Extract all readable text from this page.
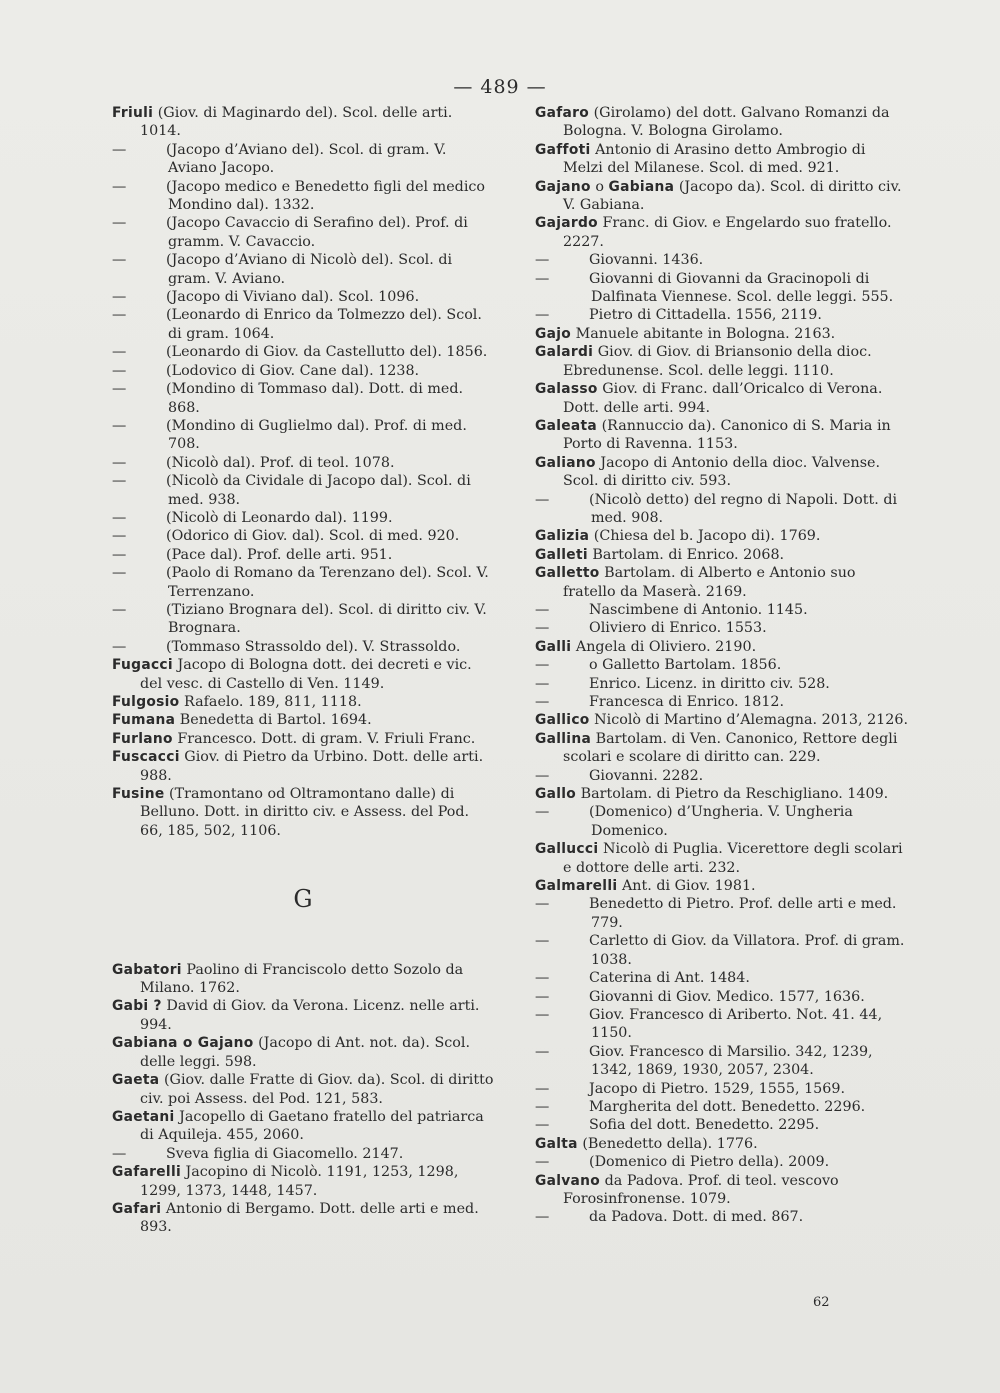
— 489 —

Friuli (Giov. di Maginardo del). Scol. delle arti. 1014.

—	(Jacopo d’Aviano del). Scol. di gram. V. Aviano Jacopo.

—	(Jacopo medico e Benedetto figli del medico Mondino dal). 1332.

—	(Jacopo Cavaccio di Serafino del). Prof. di gramm. V. Cavaccio.

—	(Jacopo d’Aviano di Nicolò del). Scol. di gram. V. Aviano.

—	(Jacopo di Viviano dal). Scol. 1096.

—	(Leonardo di Enrico da Tolmezzo del). Scol. di gram. 1064.

—	(Leonardo di Giov. da Castellutto del). 1856.

—	(Lodovico di Giov. Cane dal). 1238.

—	(Mondino di Tommaso dal). Dott. di med. 868.

—	(Mondino di Guglielmo dal). Prof. di med. 708.

—	(Nicolò dal). Prof. di teol. 1078.

—	(Nicolò da Cividale di Jacopo dal). Scol. di med. 938.

—	(Nicolò di Leonardo dal). 1199.

—	(Odorico di Giov. dal). Scol. di med. 920.

—	(Pace dal). Prof. delle arti. 951.

—	(Paolo di Romano da Terenzano del). Scol. V. Terrenzano.

—	(Tiziano Brognara del). Scol. di diritto civ. V. Brognara.

—	(Tommaso Strassoldo del). V. Strassoldo.

Fugacci Jacopo di Bologna dott. dei decreti e vic. del vesc. di Castello di Ven. 1149.

Fulgosio Rafaelo. 189, 811, 1118.

Fumana Benedetta di Bartol. 1694.

Furlano Francesco. Dott. di gram. V. Friuli Franc.

Fuscacci Giov. di Pietro da Urbino. Dott. delle arti. 988.

Fusine (Tramontano od Oltramontano dalle) di Belluno. Dott. in diritto civ. e Assess. del Pod. 66, 185, 502, 1106.

G

Gabatori Paolino di Franciscolo detto Sozolo da Milano. 1762.

Gabi ? David di Giov. da Verona. Licenz. nelle arti. 994.

Gabiana o Gajano (Jacopo di Ant. not. da). Scol. delle leggi. 598.

Gaeta (Giov. dalle Fratte di Giov. da). Scol. di diritto civ. poi Assess. del Pod. 121, 583.

Gaetani Jacopello di Gaetano fratello del patriarca di Aquileja. 455, 2060.

—	Sveva figlia di Giacomello. 2147.

Gafarelli Jacopino di Nicolò. 1191, 1253, 1298, 1299, 1373, 1448, 1457.

Gafari Antonio di Bergamo. Dott. delle arti e med. 893.

Gafaro (Girolamo) del dott. Galvano Romanzi da Bologna. V. Bologna Girolamo.

Gaffoti Antonio di Arasino detto Ambrogio di Melzi del Milanese. Scol. di med. 921.

Gajano o Gabiana (Jacopo da). Scol. di diritto civ. V. Gabiana.

Gajardo Franc. di Giov. e Engelardo suo fratello. 2227.

—	Giovanni. 1436.

—	Giovanni di Giovanni da Gracinopoli di Dalfinata Viennese. Scol. delle leggi. 555.

—	Pietro di Cittadella. 1556, 2119.

Gajo Manuele abitante in Bologna. 2163.

Galardi Giov. di Giov. di Briansonio della dioc. Ebredunense. Scol. delle leggi. 1110.

Galasso Giov. di Franc. dall’Oricalco di Verona. Dott. delle arti. 994.

Galeata (Rannuccio da). Canonico di S. Maria in Porto di Ravenna. 1153.

Galiano Jacopo di Antonio della dioc. Valvense. Scol. di diritto civ. 593.

—	(Nicolò detto) del regno di Napoli. Dott. di med. 908.

Galizia (Chiesa del b. Jacopo di). 1769.

Galleti Bartolam. di Enrico. 2068.

Galletto Bartolam. di Alberto e Antonio suo fratello da Maserà. 2169.

—	Nascimbene di Antonio. 1145.

—	Oliviero di Enrico. 1553.

Galli Angela di Oliviero. 2190.

—	o Galletto Bartolam. 1856.

—	Enrico. Licenz. in diritto civ. 528.

—	Francesca di Enrico. 1812.

Gallico Nicolò di Martino d’Alemagna. 2013, 2126.

Gallina Bartolam. di Ven. Canonico, Rettore degli scolari e scolare di diritto can. 229.

—	Giovanni. 2282.

Gallo Bartolam. di Pietro da Reschigliano. 1409.

—	(Domenico) d’Ungheria. V. Ungheria Domenico.

Gallucci Nicolò di Puglia. Vicerettore degli scolari e dottore delle arti. 232.

Galmarelli Ant. di Giov. 1981.

—	Benedetto di Pietro. Prof. delle arti e med. 779.

—	Carletto di Giov. da Villatora. Prof. di gram. 1038.

—	Caterina di Ant. 1484.

—	Giovanni di Giov. Medico. 1577, 1636.

—	Giov. Francesco di Ariberto. Not. 41. 44, 1150.

—	Giov. Francesco di Marsilio. 342, 1239, 1342, 1869, 1930, 2057, 2304.

—	Jacopo di Pietro. 1529, 1555, 1569.

—	Margherita del dott. Benedetto. 2296.

—	Sofia del dott. Benedetto. 2295.

Galta (Benedetto della). 1776.

—	(Domenico di Pietro della). 2009.

Galvano da Padova. Prof. di teol. vescovo Forosinfronense. 1079.

—	da Padova. Dott. di med. 867.

62
